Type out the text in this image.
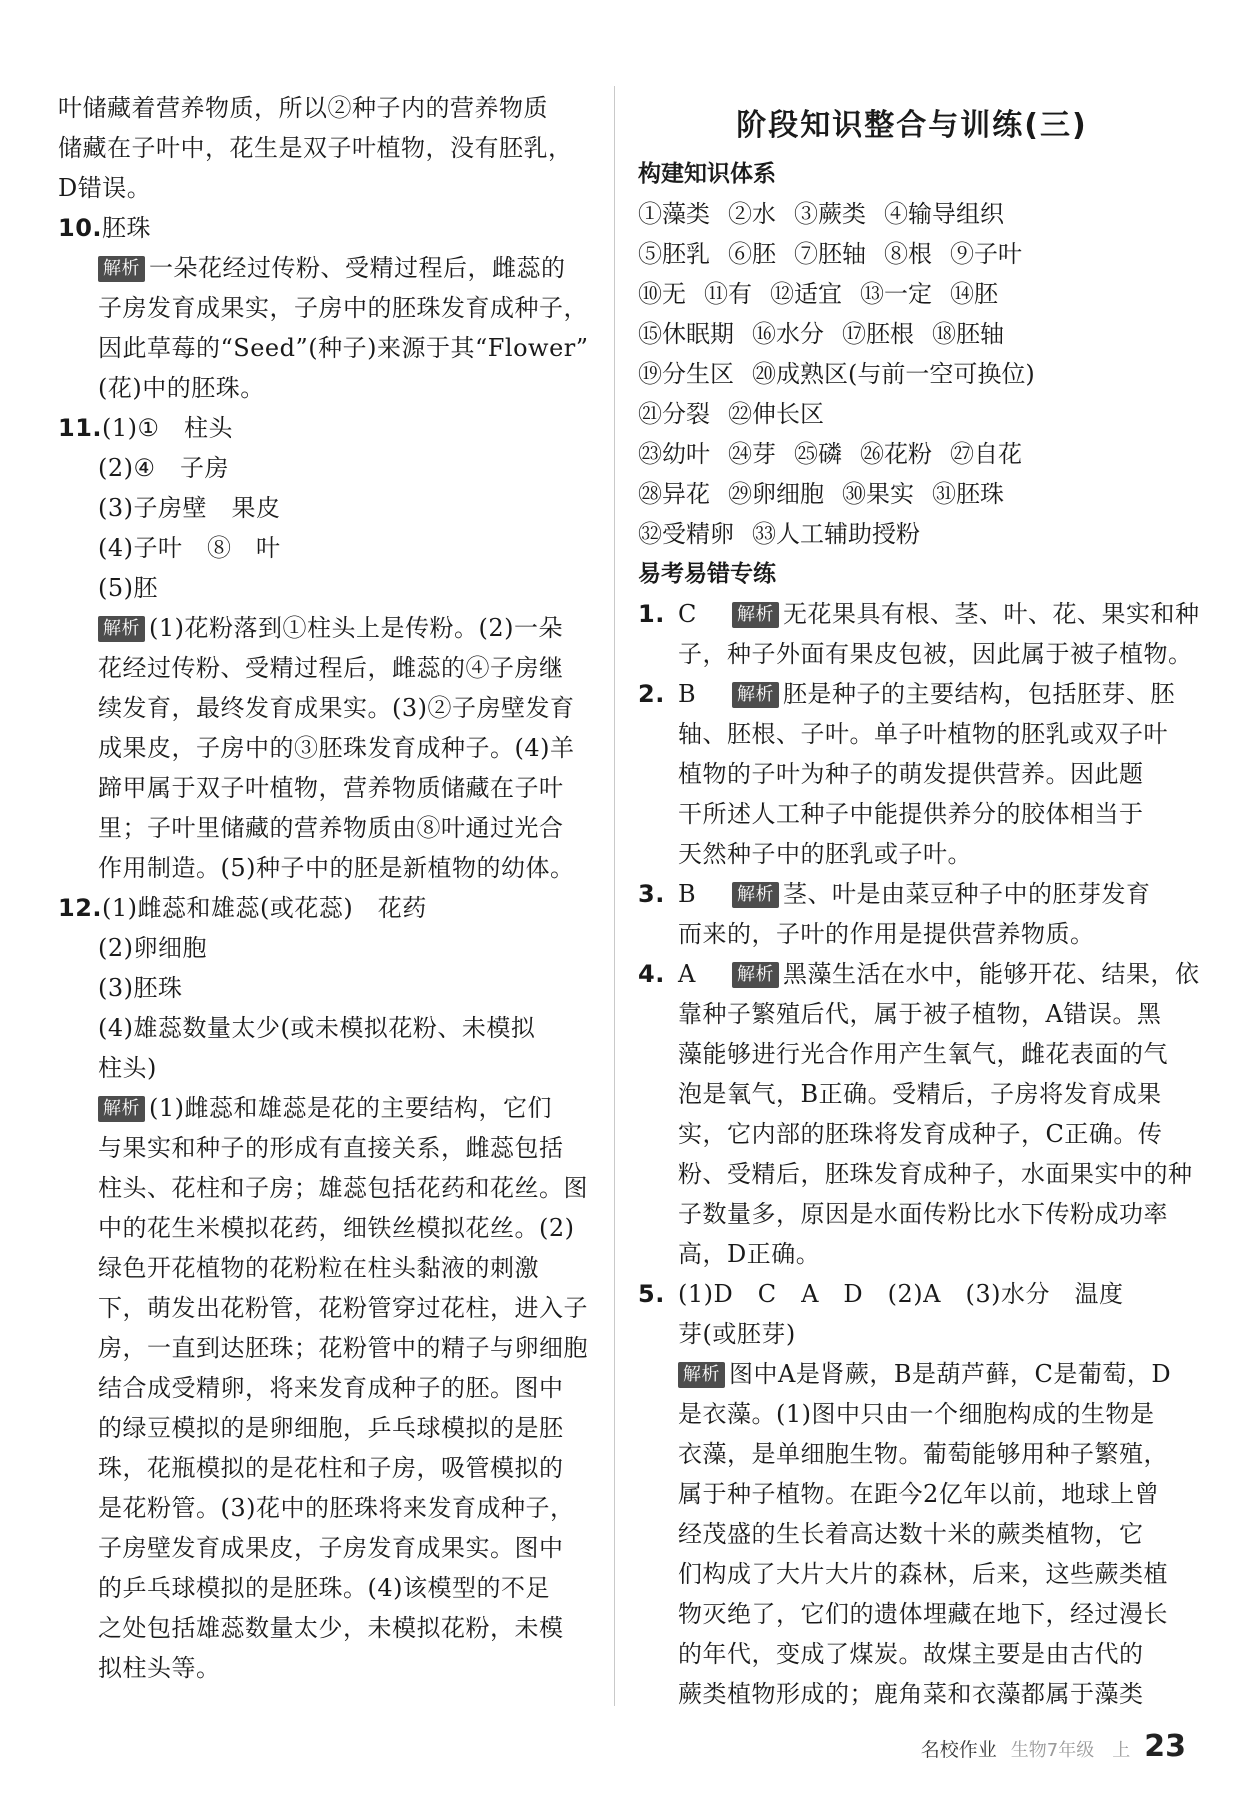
叶储藏着营养物质，所以②种子内的营养物质
储藏在子叶中，花生是双子叶植物，没有胚乳，
D错误。
10.胚珠
解析 一朵花经过传粉、受精过程后，雌蕊的
子房发育成果实，子房中的胚珠发育成种子，
因此草莓的“Seed”(种子)来源于其“Flower”
(花)中的胚珠。
11.(1)①　 柱头
(2)④　 子房
(3)子房壁　 果皮
(4)子叶　 ⑧　 叶
(5)胚
解析 (1)花粉落到①柱头上是传粉。(2)一朵
花经过传粉、受精过程后，雌蕊的④子房继
续发育，最终发育成果实。(3)②子房壁发育
成果皮，子房中的③胚珠发育成种子。(4)羊
蹄甲属于双子叶植物，营养物质储藏在子叶
里；子叶里储藏的营养物质由⑧叶通过光合
作用制造。(5)种子中的胚是新植物的幼体。
12.(1)雌蕊和雄蕊(或花蕊)　花药
(2)卵细胞
(3)胚珠
(4)雄蕊数量太少(或未模拟花粉、未模拟
柱头)
解析 (1)雌蕊和雄蕊是花的主要结构，它们
与果实和种子的形成有直接关系，雌蕊包括
柱头、花柱和子房；雄蕊包括花药和花丝。图
中的花生米模拟花药，细铁丝模拟花丝。(2)
绿色开花植物的花粉粒在柱头黏液的刺激
下，萌发出花粉管，花粉管穿过花柱，进入子
房，一直到达胚珠；花粉管中的精子与卵细胞
结合成受精卵，将来发育成种子的胚。图中
的绿豆模拟的是卵细胞，乒乓球模拟的是胚
珠，花瓶模拟的是花柱和子房，吸管模拟的
是花粉管。(3)花中的胚珠将来发育成种子，
子房壁发育成果皮，子房发育成果实。图中
的乒乓球模拟的是胚珠。(4)该模型的不足
之处包括雄蕊数量太少，未模拟花粉，未模
拟柱头等。
阶段知识整合与训练(三)
构建知识体系
①藻类 ②水 ③蕨类 ④输导组织
⑤胚乳 ⑥胚 ⑦胚轴 ⑧根 ⑨子叶
⑩无 ⑪有 ⑫适宜 ⑬一定 ⑭胚
⑮休眠期 ⑯水分 ⑰胚根 ⑱胚轴
⑲分生区 ⑳成熟区(与前一空可换位)
㉑分裂 ㉒伸长区
㉓幼叶 ㉔芽 ㉕磷 ㉖花粉 ㉗自花
㉘异花 ㉙卵细胞 ㉚果实 ㉛胚珠
㉜受精卵 ㉝人工辅助授粉
易考易错专练
1. C 解析 无花果具有根、茎、叶、花、果实和种
子，种子外面有果皮包被，因此属于被子植物。
2. B 解析 胚是种子的主要结构，包括胚芽、胚
轴、胚根、子叶。单子叶植物的胚乳或双子叶
植物的子叶为种子的萌发提供营养。因此题
干所述人工种子中能提供养分的胶体相当于
天然种子中的胚乳或子叶。
3. B 解析 茎、叶是由菜豆种子中的胚芽发育
而来的，子叶的作用是提供营养物质。
4. A 解析 黑藻生活在水中，能够开花、结果，依
靠种子繁殖后代，属于被子植物，A错误。黑
藻能够进行光合作用产生氧气，雌花表面的气
泡是氧气，B正确。受精后，子房将发育成果
实，它内部的胚珠将发育成种子，C正确。传
粉、受精后，胚珠发育成种子，水面果实中的种
子数量多，原因是水面传粉比水下传粉成功率
高，D正确。
5. (1)D　C　A　D　(2)A　(3)水分　温度
芽(或胚芽)
解析 图中A是肾蕨，B是葫芦藓，C是葡萄，D
是衣藻。(1)图中只由一个细胞构成的生物是
衣藻，是单细胞生物。葡萄能够用种子繁殖，
属于种子植物。在距今2亿年以前，地球上曾
经茂盛的生长着高达数十米的蕨类植物，它
们构成了大片大片的森林，后来，这些蕨类植
物灭绝了，它们的遗体埋藏在地下，经过漫长
的年代，变成了煤炭。故煤主要是由古代的
蕨类植物形成的；鹿角菜和衣藻都属于藻类
名校作业 生物7年级　上 23
